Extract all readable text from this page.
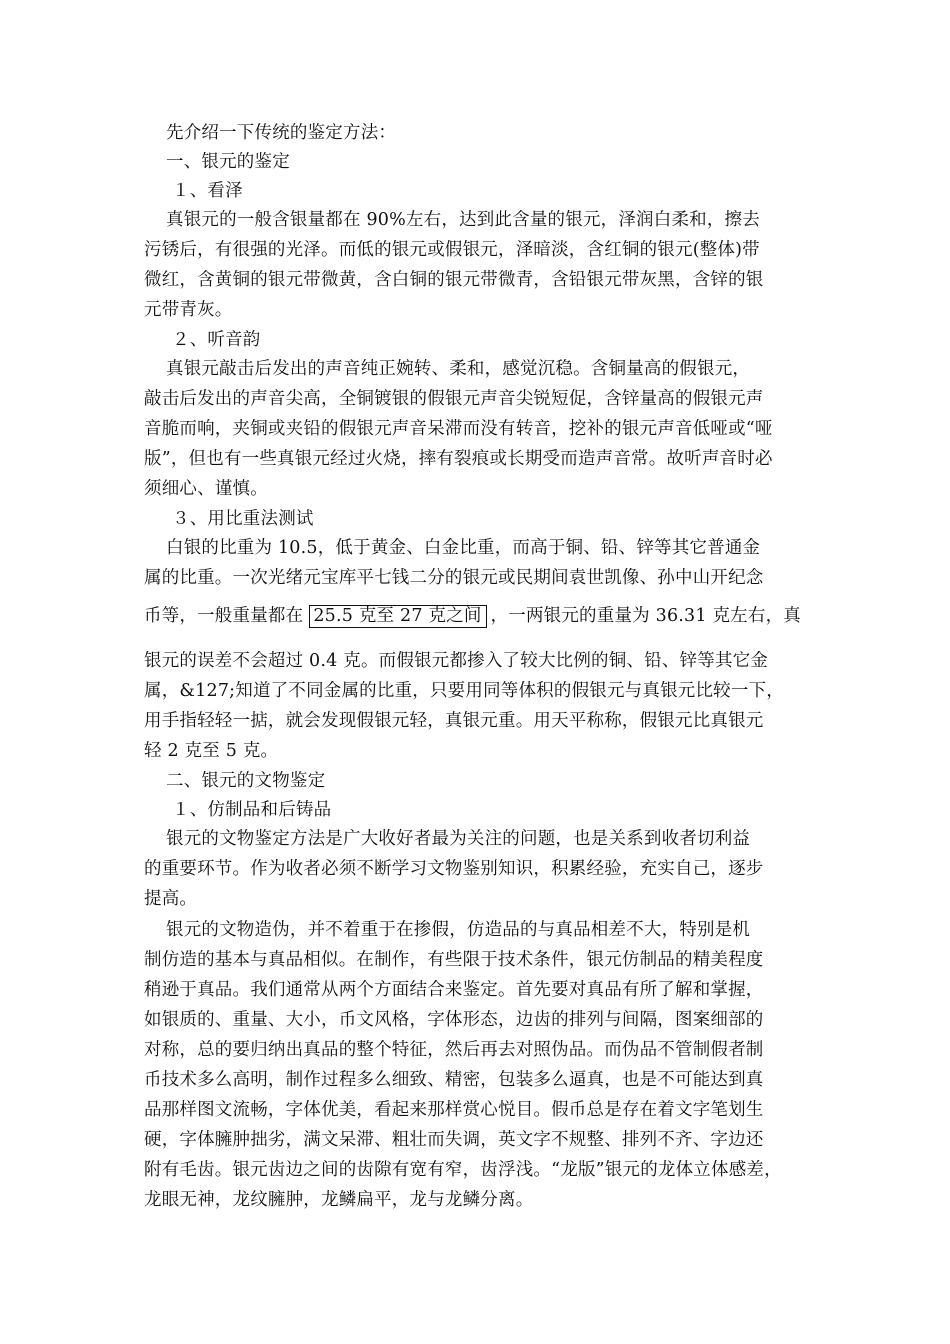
先介绍一下传统的鉴定方法：
一、银元的鉴定
１、看泽
真银元的一般含银量都在 90%左右，达到此含量的银元，泽润白柔和，擦去
污锈后，有很强的光泽。而低的银元或假银元，泽暗淡，含红铜的银元(整体)带
微红，含黄铜的银元带微黄，含白铜的银元带微青，含铅银元带灰黑，含锌的银
元带青灰。
２、听音韵
真银元敲击后发出的声音纯正婉转、柔和，感觉沉稳。含铜量高的假银元，
敲击后发出的声音尖高，全铜镀银的假银元声音尖锐短促，含锌量高的假银元声
音脆而响，夹铜或夹铅的假银元声音呆滞而没有转音，挖补的银元声音低哑或“哑
版”，但也有一些真银元经过火烧，摔有裂痕或长期受而造声音常。故听声音时必
须细心、谨慎。
３、用比重法测试
白银的比重为 10.5，低于黄金、白金比重，而高于铜、铅、锌等其它普通金
属的比重。一次光绪元宝库平七钱二分的银元或民期间袁世凯像、孙中山开纪念
币等，一般重量都在 25.5 克至 27 克之间 ，一两银元的重量为 36.31 克左右，真
银元的误差不会超过 0.4 克。而假银元都掺入了较大比例的铜、铅、锌等其它金
属，&127;知道了不同金属的比重，只要用同等体积的假银元与真银元比较一下，
用手指轻轻一掂，就会发现假银元轻，真银元重。用天平称称，假银元比真银元
轻 2 克至 5 克。
二、银元的文物鉴定
１、仿制品和后铸品
银元的文物鉴定方法是广大收好者最为关注的问题，也是关系到收者切利益
的重要环节。作为收者必须不断学习文物鉴别知识，积累经验，充实自己，逐步
提高。
银元的文物造伪，并不着重于在掺假，仿造品的与真品相差不大，特别是机
制仿造的基本与真品相似。在制作，有些限于技术条件，银元仿制品的精美程度
稍逊于真品。我们通常从两个方面结合来鉴定。首先要对真品有所了解和掌握，
如银质的、重量、大小，币文风格，字体形态，边齿的排列与间隔，图案细部的
对称，总的要归纳出真品的整个特征，然后再去对照伪品。而伪品不管制假者制
币技术多么高明，制作过程多么细致、精密，包装多么逼真，也是不可能达到真
品那样图文流畅，字体优美，看起来那样赏心悦目。假币总是存在着文字笔划生
硬，字体臃肿拙劣，满文呆滞、粗壮而失调，英文字不规整、排列不齐、字边还
附有毛齿。银元齿边之间的齿隙有宽有窄，齿浮浅。“龙版”银元的龙体立体感差，
龙眼无神，龙纹臃肿，龙鳞扁平，龙与龙鳞分离。
